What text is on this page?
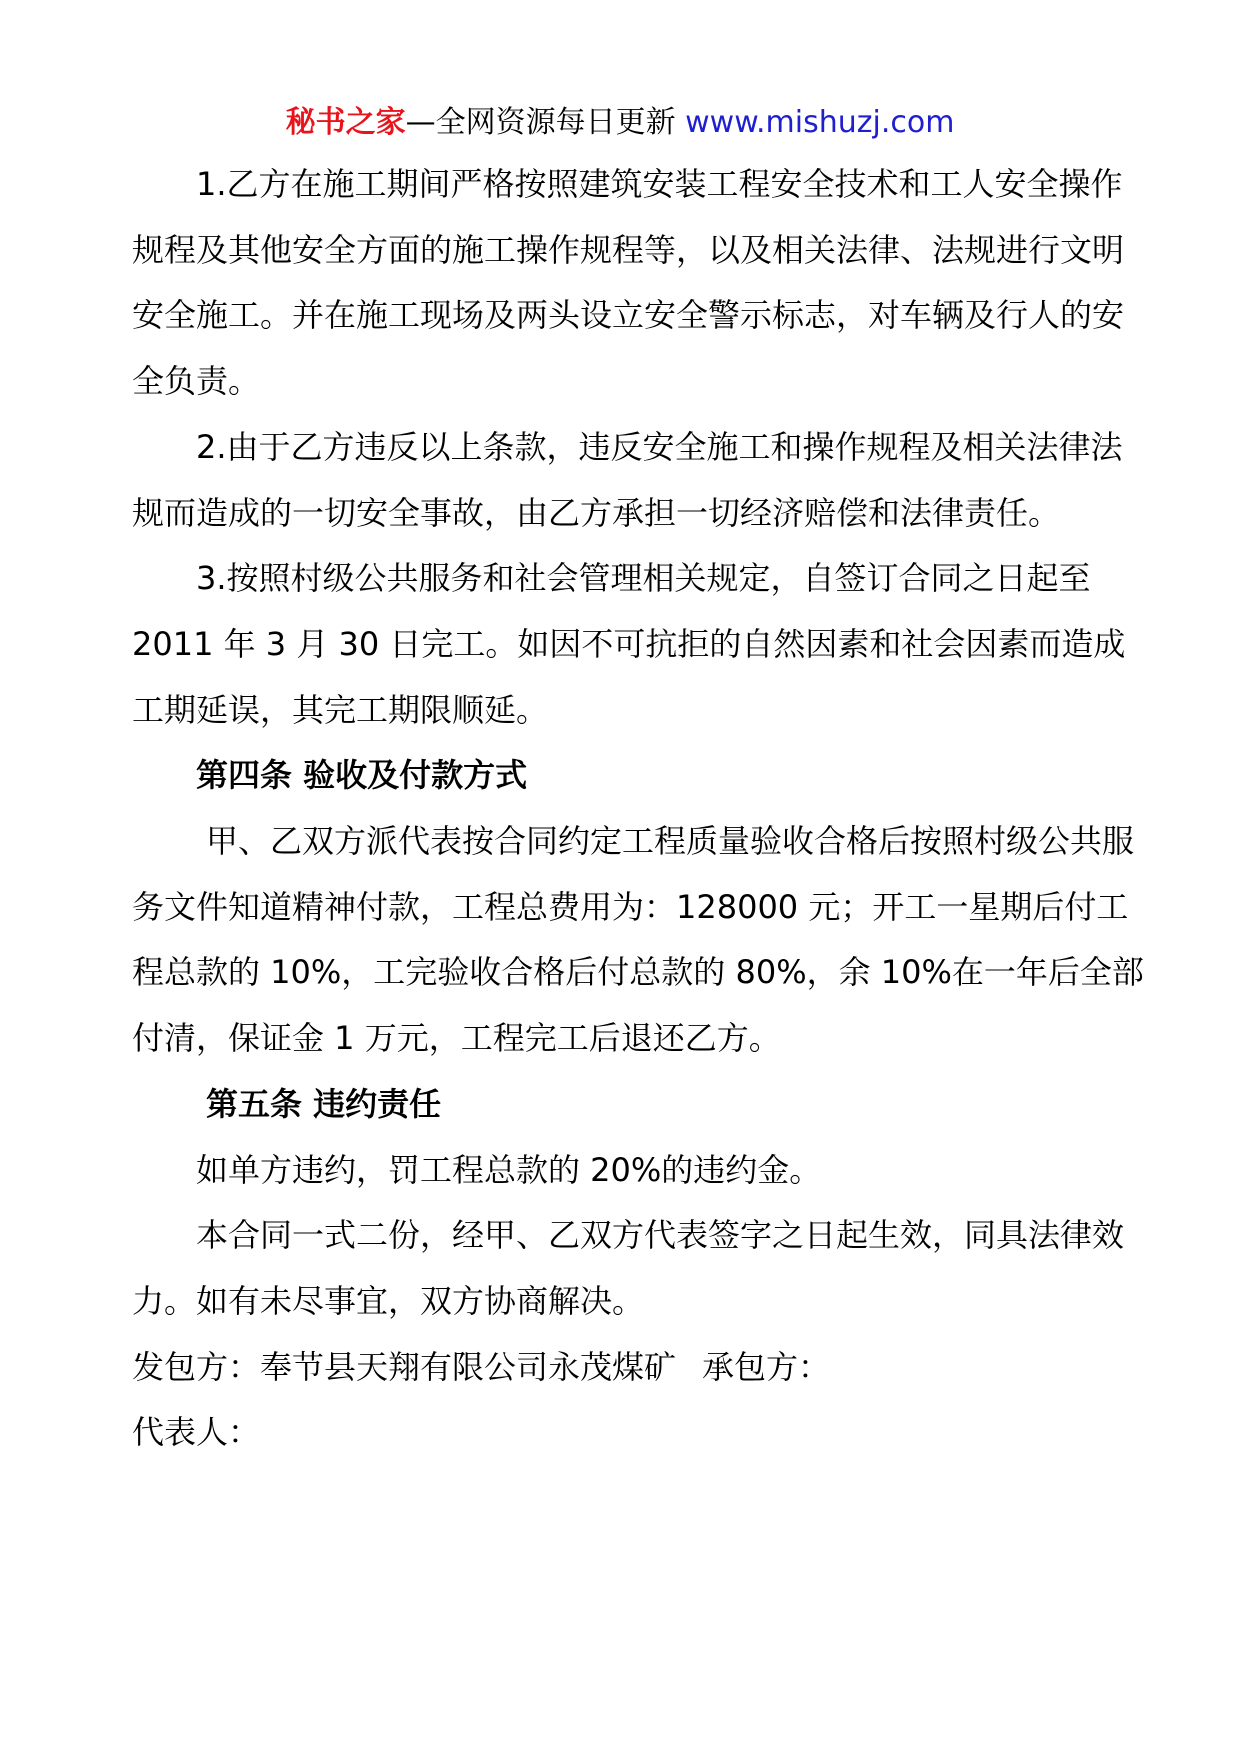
秘书之家—全网资源每日更新 www.mishuzj.com

1.乙方在施工期间严格按照建筑安装工程安全技术和工人安全操作规程及其他安全方面的施工操作规程等，以及相关法律、法规进行文明安全施工。并在施工现场及两头设立安全警示标志，对车辆及行人的安全负责。

2.由于乙方违反以上条款，违反安全施工和操作规程及相关法律法规而造成的一切安全事故，由乙方承担一切经济赔偿和法律责任。

3.按照村级公共服务和社会管理相关规定，自签订合同之日起至 2011 年 3 月 30 日完工。如因不可抗拒的自然因素和社会因素而造成工期延误，其完工期限顺延。

第四条 验收及付款方式

甲、乙双方派代表按合同约定工程质量验收合格后按照村级公共服务文件知道精神付款，工程总费用为：128000 元；开工一星期后付工程总款的 10%，工完验收合格后付总款的 80%，余 10%在一年后全部付清，保证金 1 万元，工程完工后退还乙方。

第五条 违约责任

如单方违约，罚工程总款的 20%的违约金。

本合同一式二份，经甲、乙双方代表签字之日起生效，同具法律效力。如有未尽事宜，双方协商解决。

发包方：奉节县天翔有限公司永茂煤矿 承包方：

代表人：
